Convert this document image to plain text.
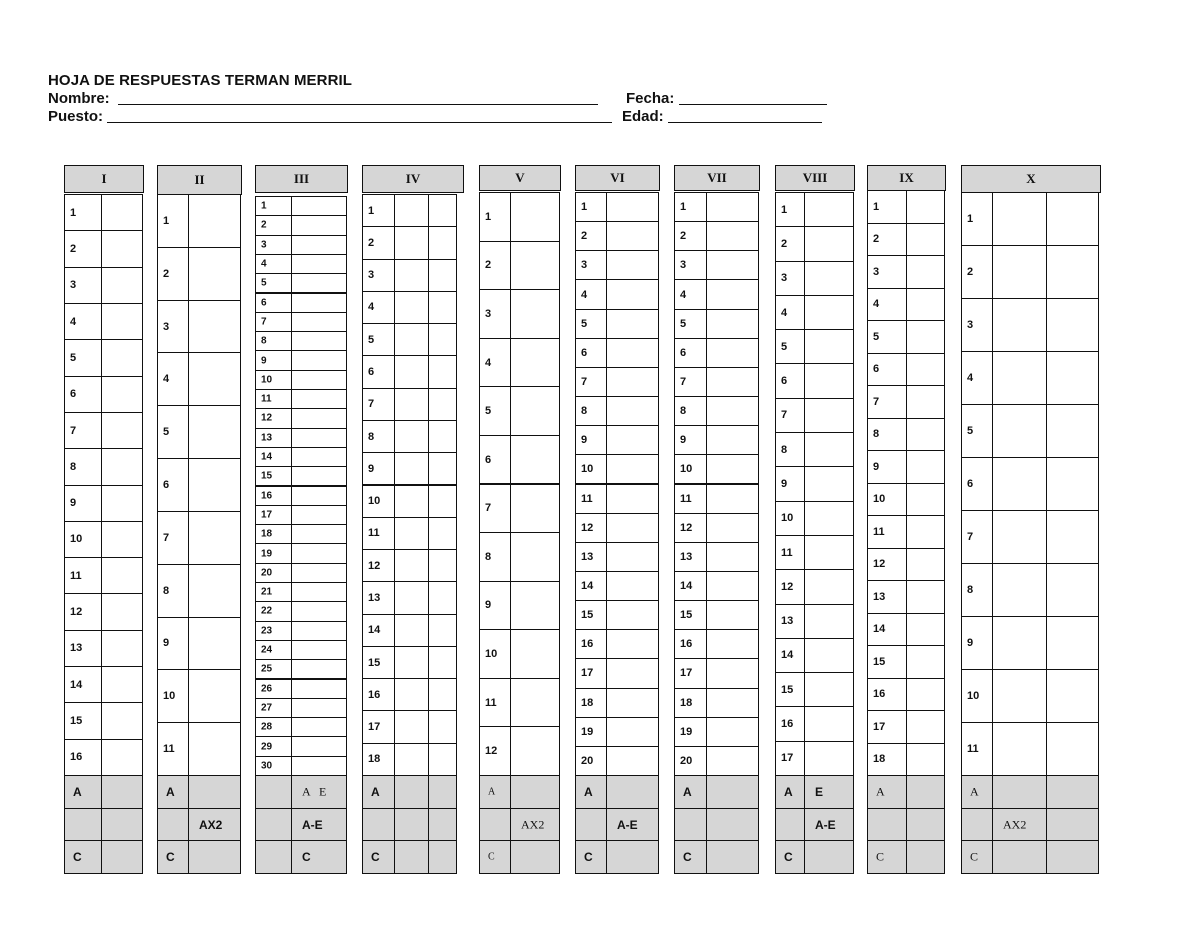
HOJA DE RESPUESTAS TERMAN MERRIL
Nombre:	Fecha:
Puesto:	Edad:
I
1
2
3
4
5
6
7
8
9
10
11
12
13
14
15
16
A
C
II
1
2
3
4
5
6
7
8
9
10
11
A
AX2
C
III
1
2
3
4
5
6
7
8
9
10
11
12
13
14
15
16
17
18
19
20
21
22
23
24
25
26
27
28
29
30
A   E
A-E
C
IV
1
2
3
4
5
6
7
8
9
10
11
12
13
14
15
16
17
18
A
C
V
1
2
3
4
5
6
7
8
9
10
11
12
A
AX2
C
VI
1
2
3
4
5
6
7
8
9
10
11
12
13
14
15
16
17
18
19
20
A
A-E
C
VII
1
2
3
4
5
6
7
8
9
10
11
12
13
14
15
16
17
18
19
20
A
C
VIII
1
2
3
4
5
6
7
8
9
10
11
12
13
14
15
16
17
A E
A-E
C
IX
1
2
3
4
5
6
7
8
9
10
11
12
13
14
15
16
17
18
A
C
X
1
2
3
4
5
6
7
8
9
10
11
A
AX2
C
